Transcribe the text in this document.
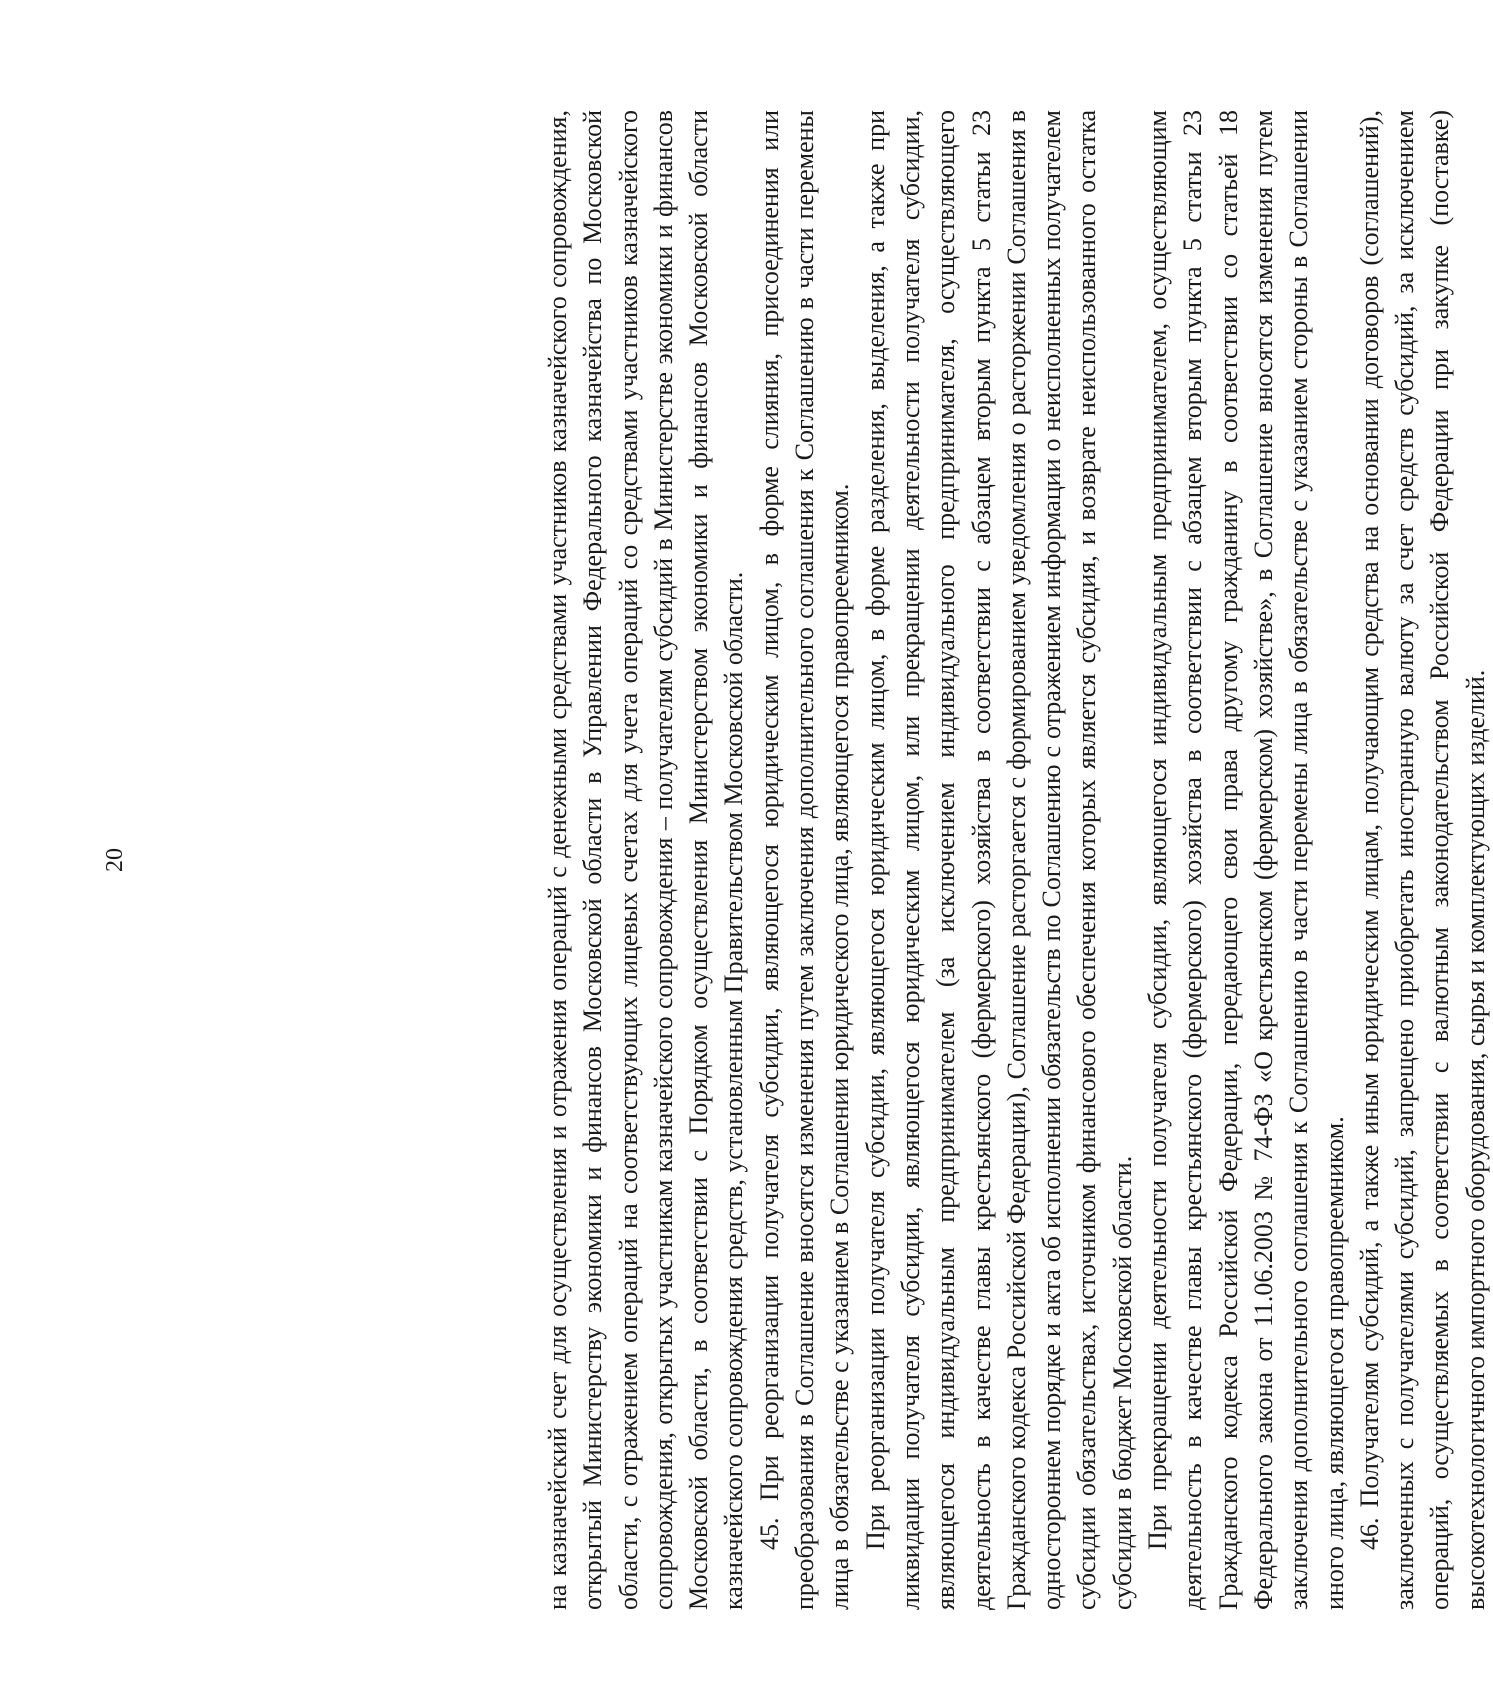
20	на казначейский счет для осуществления и отражения операций с денежными средствами участников казначейского сопровождения, открытый Министерству экономики и финансов Московской области в Управлении Федерального казначейства по Московской области, с отражением операций на соответствующих лицевых счетах для учета операций со средствами участников казначейского сопровождения, открытых участникам казначейского сопровождения – получателям субсидий в Министерстве экономики и финансов Московской области, в соответствии с Порядком осуществления Министерством экономики и финансов Московской области казначейского сопровождения средств, установленным Правительством Московской области. 45. При реорганизации получателя субсидии, являющегося юридическим лицом, в форме слияния, присоединения или преобразования в Соглашение вносятся изменения путем заключения дополнительного соглашения к Соглашению в части перемены лица в обязательстве с указанием в Соглашении юридического лица, являющегося правопреемником. При реорганизации получателя субсидии, являющегося юридическим лицом, в форме разделения, выделения, а также при ликвидации получателя субсидии, являющегося юридическим лицом, или прекращении деятельности получателя субсидии, являющегося индивидуальным предпринимателем (за исключением индивидуального предпринимателя, осуществляющего деятельность в качестве главы крестьянского (фермерского) хозяйства в соответствии с абзацем вторым пункта 5 статьи 23 Гражданского кодекса Российской Федерации), Соглашение расторгается с формированием уведомления о расторжении Соглашения в одностороннем порядке и акта об исполнении обязательств по Соглашению с отражением информации о неисполненных получателем субсидии обязательствах, источником финансового обеспечения которых является субсидия, и возврате неиспользованного остатка субсидии в бюджет Московской области. При прекращении деятельности получателя субсидии, являющегося индивидуальным предпринимателем, осуществляющим деятельность в качестве главы крестьянского (фермерского) хозяйства в соответствии с абзацем вторым пункта 5 статьи 23 Гражданского кодекса Российской Федерации, передающего свои права другому гражданину в соответствии со статьей 18 Федерального закона от 11.06.2003 № 74-ФЗ «О крестьянском (фермерском) хозяйстве», в Соглашение вносятся изменения путем заключения дополнительного соглашения к Соглашению в части перемены лица в обязательстве с указанием стороны в Соглашении иного лица, являющегося правопреемником. 46. Получателям субсидий, а также иным юридическим лицам, получающим средства на основании договоров (соглашений), заключенных с получателями субсидий, запрещено приобретать иностранную валюту за счет средств субсидий, за исключением операций, осуществляемых в соответствии с валютным законодательством Российской Федерации при закупке (поставке) высокотехнологичного импортного оборудования, сырья и комплектующих изделий.
